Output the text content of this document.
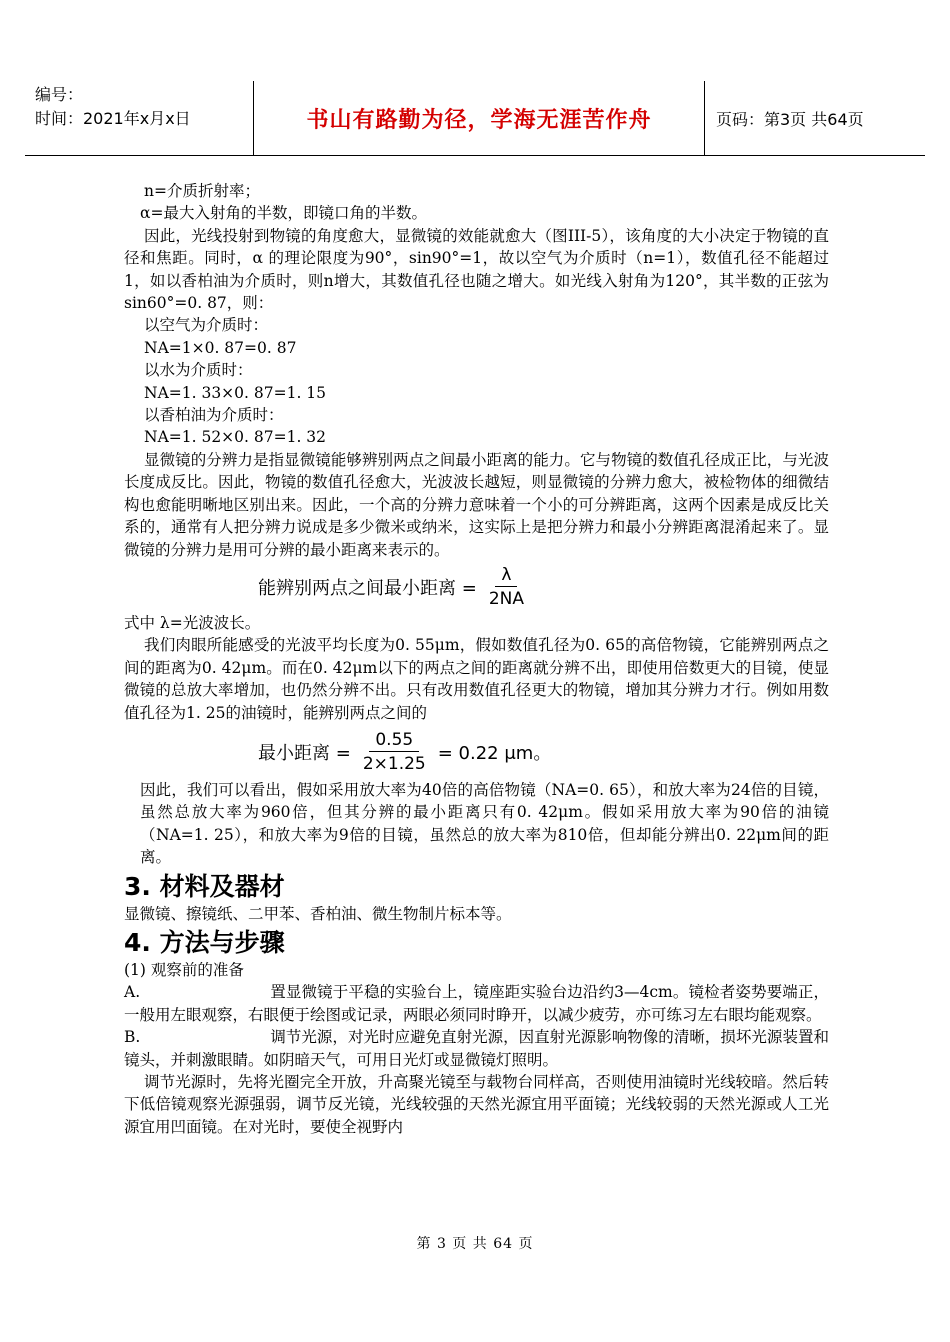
编号：
时间：2021年x月x日	书山有路勤为径，学海无涯苦作舟	页码：第3页 共64页

n=介质折射率；

α=最大入射角的半数，即镜口角的半数。

因此，光线投射到物镜的角度愈大，显微镜的效能就愈大（图III-5），该角度的大小决定于物镜的直径和焦距。同时，α 的理论限度为90°，sin90°=1，故以空气为介质时（n=1），数值孔径不能超过1，如以香柏油为介质时，则n增大，其数值孔径也随之增大。如光线入射角为120°，其半数的正弦为sin60°=0. 87，则：

以空气为介质时：

NA=1×0. 87=0. 87

以水为介质时：

NA=1. 33×0. 87=1. 15

以香柏油为介质时：

NA=1. 52×0. 87=1. 32

显微镜的分辨力是指显微镜能够辨别两点之间最小距离的能力。它与物镜的数值孔径成正比，与光波长度成反比。因此，物镜的数值孔径愈大，光波波长越短，则显微镜的分辨力愈大，被检物体的细微结构也愈能明晰地区别出来。因此，一个高的分辨力意味着一个小的可分辨距离，这两个因素是成反比关系的，通常有人把分辨力说成是多少微米或纳米，这实际上是把分辨力和最小分辨距离混淆起来了。显微镜的分辨力是用可分辨的最小距离来表示的。

能辨别两点之间最小距离 = $\frac{\lambda}{2NA}$

式中 λ=光波波长。

我们肉眼所能感受的光波平均长度为0. 55μm，假如数值孔径为0. 65的高倍物镜，它能辨别两点之间的距离为0. 42μm。而在0. 42μm以下的两点之间的距离就分辨不出，即使用倍数更大的目镜，使显微镜的总放大率增加，也仍然分辨不出。只有改用数值孔径更大的物镜，增加其分辨力才行。例如用数值孔径为1. 25的油镜时，能辨别两点之间的

最小距离 = $\frac{0.55}{2\times 1.25} = 0.22$ μm。

因此，我们可以看出，假如采用放大率为40倍的高倍物镜（NA=0. 65），和放大率为24倍的目镜，虽然总放大率为960倍，但其分辨的最小距离只有0. 42μm。假如采用放大率为90倍的油镜（NA=1. 25），和放大率为9倍的目镜，虽然总的放大率为810倍，但却能分辨出0. 22μm间的距离。

3. 材料及器材

显微镜、擦镜纸、二甲苯、香柏油、微生物制片标本等。

4. 方法与步骤

(1) 观察前的准备

A.	置显微镜于平稳的实验台上，镜座距实验台边沿约3—4cm。镜检者姿势要端正，一般用左眼观察，右眼便于绘图或记录，两眼必须同时睁开，以减少疲劳，亦可练习左右眼均能观察。

B.	调节光源，对光时应避免直射光源，因直射光源影响物像的清晰，损坏光源装置和镜头，并刺激眼睛。如阴暗天气，可用日光灯或显微镜灯照明。

调节光源时，先将光圈完全开放，升高聚光镜至与载物台同样高，否则使用油镜时光线较暗。然后转下低倍镜观察光源强弱，调节反光镜，光线较强的天然光源宜用平面镜；光线较弱的天然光源或人工光源宜用凹面镜。在对光时，要使全视野内

第 3 页 共 64 页
